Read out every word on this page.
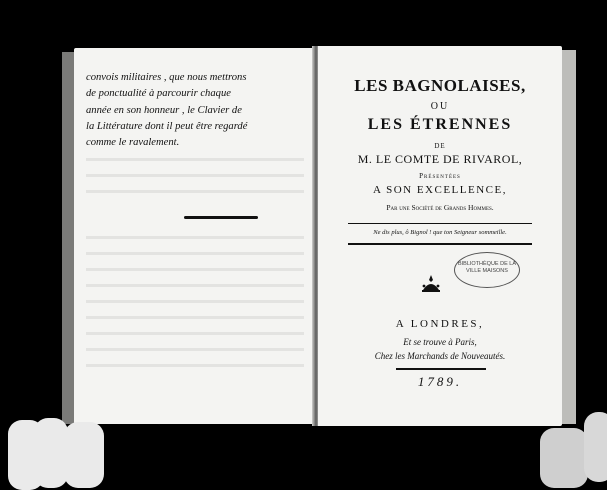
convois militaires , que nous mettrons
de ponctualité à parcourir chaque
année en son honneur , le Clavier de
la Littérature dont il peut être regardé
comme le ravalement.
LES BAGNOLAISES,
OU
LES ÉTRENNES
DE
M. LE COMTE DE RIVAROL,
Présentées
A SON EXCELLENCE,
Par une Société de Grands Hommes.
Ne dis plus, ô Bignol ! que ton Seigneur sommeille.
BIBLIOTHÈQUE DE LA VILLE MAISONS
A LONDRES,
Et se trouve à Paris,
Chez les Marchands de Nouveautés.
1789.
